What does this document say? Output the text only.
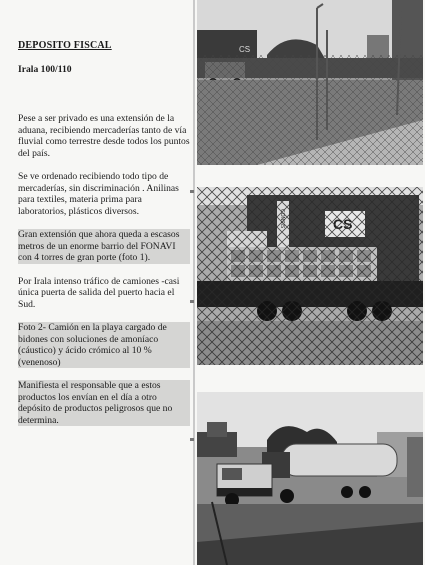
DEPOSITO FISCAL
Irala 100/110

Pese a ser privado es una extensión de la aduana, recibiendo mercaderías tanto de vía fluvial como terrestre desde todos los puntos del país.

Se ve ordenado recibiendo todo tipo de mercaderías, sin discriminación . Anilinas para textiles, materia prima para laboratorios, plásticos diversos.

Gran extensión que ahora queda a escasos metros de un enorme barrio del FONAVI con 4 torres de gran porte (foto 1).

Por Irala intenso tráfico de camiones -casi única puerta de salida del puerto hacia el Sud.

Foto 2- Camión en la playa cargado de bidones con soluciones de amoníaco (cáustico) y ácido crómico al 10 % (venenoso)

Manifiesta el responsable que a estos productos los envían en el día a otro depósito de productos peligrosos que no determina.

CS
